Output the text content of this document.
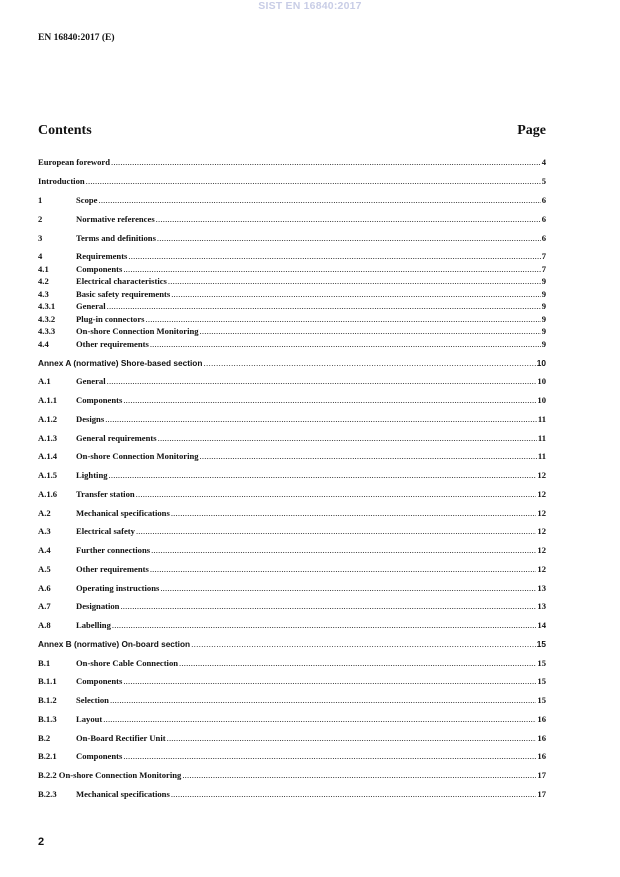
SIST EN 16840:2017
EN 16840:2017 (E)
Contents	Page
European foreword .....	4
Introduction .....	5
1	Scope .....	6
2	Normative references .....	6
3	Terms and definitions .....	6
4	Requirements .....	7
4.1	Components .....	7
4.2	Electrical characteristics .....	9
4.3	Basic safety requirements .....	9
4.3.1	General .....	9
4.3.2	Plug-in connectors .....	9
4.3.3	On-shore Connection Monitoring .....	9
4.4	Other requirements .....	9
Annex A (normative) Shore-based section .....	10
A.1	General .....	10
A.1.1	Components .....	10
A.1.2	Designs .....	11
A.1.3	General requirements .....	11
A.1.4	On-shore Connection Monitoring .....	11
A.1.5	Lighting .....	12
A.1.6	Transfer station .....	12
A.2	Mechanical specifications .....	12
A.3	Electrical safety .....	12
A.4	Further connections .....	12
A.5	Other requirements .....	12
A.6	Operating instructions .....	13
A.7	Designation .....	13
A.8	Labelling .....	14
Annex B (normative) On-board section .....	15
B.1	On-shore Cable Connection .....	15
B.1.1	Components .....	15
B.1.2	Selection .....	15
B.1.3	Layout .....	16
B.2	On-Board Rectifier Unit .....	16
B.2.1	Components .....	16
B.2.2 On-shore Connection Monitoring .....	17
B.2.3	Mechanical specifications .....	17
2
